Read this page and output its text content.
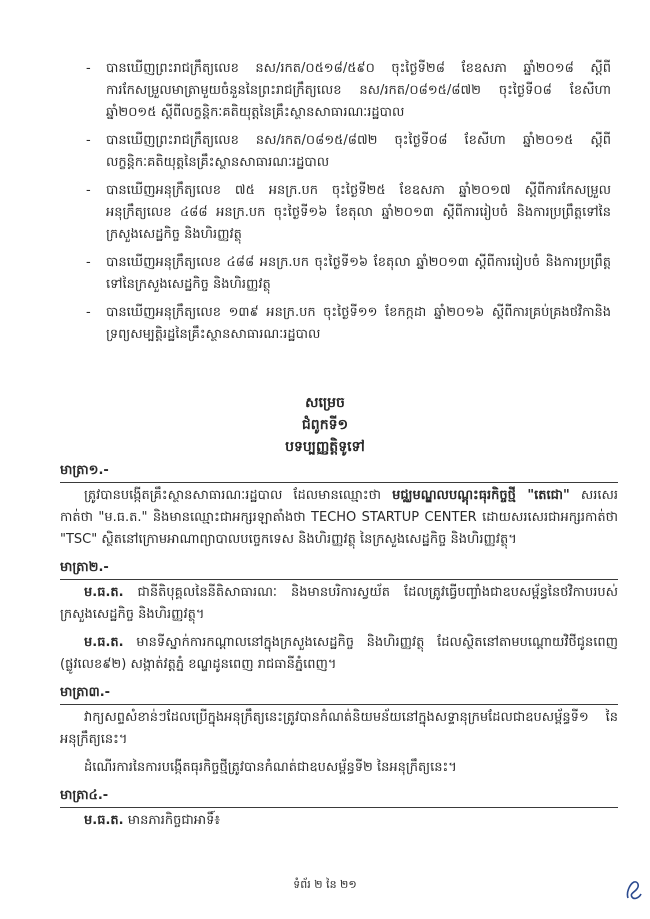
- បានឃើញព្រះរាជក្រឹត្យលេខ នស/រកត/០៥១៨/៥៩០ ចុះថ្ងៃទី២៨ ខែឧសភា ឆ្នាំ២០១៨ ស្តីពីការកែសម្រួលមាត្រាមួយចំនួននៃព្រះរាជក្រឹត្យលេខ នស/រកត/០៨១៥/៨៧២ ចុះថ្ងៃទី០៨ ខែសីហា ឆ្នាំ២០១៥ ស្តីពីលក្ខន្តិកៈគតិយុត្តនៃគ្រឹះស្ថានសាធារណៈរដ្ឋបាល
- បានឃើញព្រះរាជក្រឹត្យលេខ នស/រកត/០៨១៥/៨៧២ ចុះថ្ងៃទី០៨ ខែសីហា ឆ្នាំ២០១៥ ស្តីពីលក្ខន្តិកៈគតិយុត្តនៃគ្រឹះស្ថានសាធារណៈរដ្ឋបាល
- បានឃើញអនុក្រឹត្យលេខ ៧៥ អនក្រ.បក ចុះថ្ងៃទី២៥ ខែឧសភា ឆ្នាំ២០១៧ ស្តីពីការកែសម្រួលអនុក្រឹត្យលេខ ៤៨៨ អនក្រ.បក ចុះថ្ងៃទី១៦ ខែតុលា ឆ្នាំ២០១៣ ស្តីពីការរៀបចំ និងការប្រព្រឹត្តទៅនៃក្រសួងសេដ្ឋកិច្ច និងហិរញ្ញវត្ថុ
- បានឃើញអនុក្រឹត្យលេខ ៤៨៨ អនក្រ.បក ចុះថ្ងៃទី១៦ ខែតុលា ឆ្នាំ២០១៣ ស្តីពីការរៀបចំ និងការប្រព្រឹត្តទៅនៃក្រសួងសេដ្ឋកិច្ច និងហិរញ្ញវត្ថុ
- បានឃើញអនុក្រឹត្យលេខ ១៣៩ អនក្រ.បក ចុះថ្ងៃទី១១ ខែកក្កដា ឆ្នាំ២០១៦ ស្តីពីការគ្រប់គ្រងថវិកានិងទ្រព្យសម្បត្តិរដ្ឋនៃគ្រឹះស្ថានសាធារណៈរដ្ឋបាល
សម្រេច
ជំពូកទី១
បទប្បញ្ញត្តិទូទៅ
មាត្រា១.-
ត្រូវបានបង្កើតគ្រឹះស្ថានសាធារណៈរដ្ឋបាល ដែលមានឈ្មោះថា មជ្ឈមណ្ឌលបណ្តុះធុរកិច្ចថ្មី "តេជោ" សរសេរកាត់ថា "ម.ធ.ត." និងមានឈ្មោះជាអក្សរឡាតាំងថា TECHO STARTUP CENTER ដោយសរសេរជាអក្សរកាត់ថា "TSC" ស្ថិតនៅក្រោមអាណាព្យាបាលបច្ចេកទេស និងហិរញ្ញវត្ថុ នៃក្រសួងសេដ្ឋកិច្ច និងហិរញ្ញវត្ថុ។
មាត្រា២.-
ម.ធ.ត. ជានីតិបុគ្គលនៃនីតិសាធារណៈ និងមានបរិការស្វយ័ត ដែលត្រូវធ្វើបញ្ចាំងជាឧបសម្ព័ន្ធនៃថវិកាបរបស់ក្រសួងសេដ្ឋកិច្ច និងហិរញ្ញវត្ថុ។
ម.ធ.ត. មានទីស្នាក់ការកណ្តាលនៅក្នុងក្រសួងសេដ្ឋកិច្ច និងហិរញ្ញវត្ថុ ដែលស្ថិតនៅតាមបណ្តោយវិថីជូនពេញ (ផ្លូវលេខ៩២) សង្កាត់វត្តភ្នំ ខណ្ឌដូនពេញ រាជធានីភ្នំពេញ។
មាត្រា៣.-
វាក្យសព្ទសំខាន់ៗដែលប្រើក្នុងអនុក្រឹត្យនេះត្រូវបានកំណត់និយមន័យនៅក្នុងសទ្ទានុក្រមដែលជាឧបសម្ព័ន្ធទី១ នៃអនុក្រឹត្យនេះ។
ដំណើរការនៃការបង្កើតធុរកិច្ចថ្មីត្រូវបានកំណត់ជាឧបសម្ព័ន្ធទី២ នៃអនុក្រឹត្យនេះ។
មាត្រា៤.-
ម.ធ.ត. មានភារកិច្ចជាអាទិ៍៖
ទំព័រ ២ នៃ ២១
